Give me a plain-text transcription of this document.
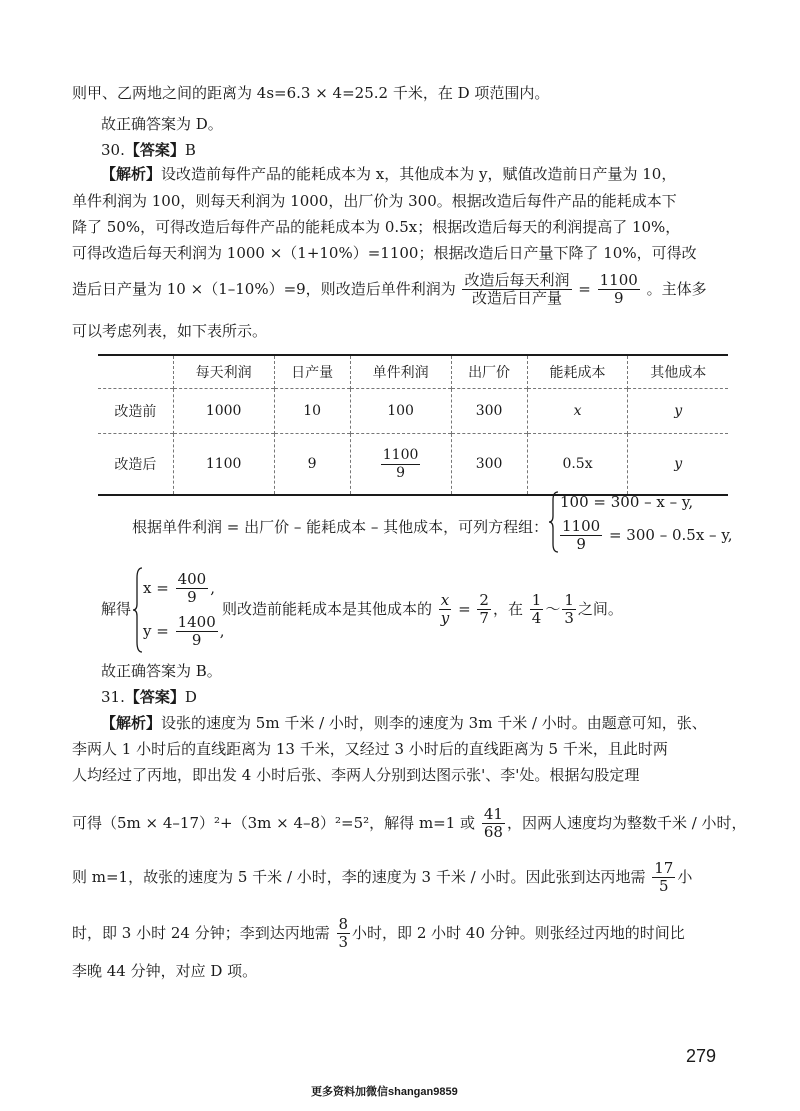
则甲、乙两地之间的距离为 4s=6.3 × 4=25.2 千米，在 D 项范围内。
故正确答案为 D。
30.【答案】B
【解析】设改造前每件产品的能耗成本为 x，其他成本为 y，赋值改造前日产量为 10，
单件利润为 100，则每天利润为 1000，出厂价为 300。根据改造后每件产品的能耗成本下
降了 50%，可得改造后每件产品的能耗成本为 0.5x；根据改造后每天的利润提高了 10%，
可得改造后每天利润为 1000 ×（1+10%）=1100；根据改造后日产量下降了 10%，可得改
造后日产量为 10 ×（1–10%）=9，则改造后单件利润为 $\frac{\text{改造后每天利润}}{\text{改造后日产量}} = \frac{1100}{9}$ 。主体多
可以考虑列表，如下表所示。
	每天利润	日产量	单件利润	出厂价	能耗成本	其他成本
改造前	1000	10	100	300	x	y
改造后	1100	9	$\frac{1100}{9}$	300	0.5x	y
根据单件利润 = 出厂价 – 能耗成本 – 其他成本，可列方程组：
100 = 300 – x – y,
$\frac{1100}{9} = 300 - 0.5x - y$,
解得
$x = \frac{400}{9}$ ,
$y = \frac{1400}{9}$ ,
则改造前能耗成本是其他成本的 $\frac{x}{y} = \frac{2}{7}$ ，在 $\frac{1}{4}$ ～ $\frac{1}{3}$ 之间。
故正确答案为 B。
31.【答案】D
【解析】设张的速度为 5m 千米 / 小时，则李的速度为 3m 千米 / 小时。由题意可知，张、
李两人 1 小时后的直线距离为 13 千米，又经过 3 小时后的直线距离为 5 千米，且此时两
人均经过了丙地，即出发 4 小时后张、李两人分别到达图示张'、李'处。根据勾股定理
可得（5m × 4–17）²+（3m × 4–8）²=5²，解得 m=1 或 $\frac{41}{68}$ ，因两人速度均为整数千米 / 小时，
则 m=1，故张的速度为 5 千米 / 小时，李的速度为 3 千米 / 小时。因此张到达丙地需 $\frac{17}{5}$ 小
时，即 3 小时 24 分钟；李到达丙地需 $\frac{8}{3}$ 小时，即 2 小时 40 分钟。则张经过丙地的时间比
李晚 44 分钟，对应 D 项。
279
更多资料加微信shangan9859
